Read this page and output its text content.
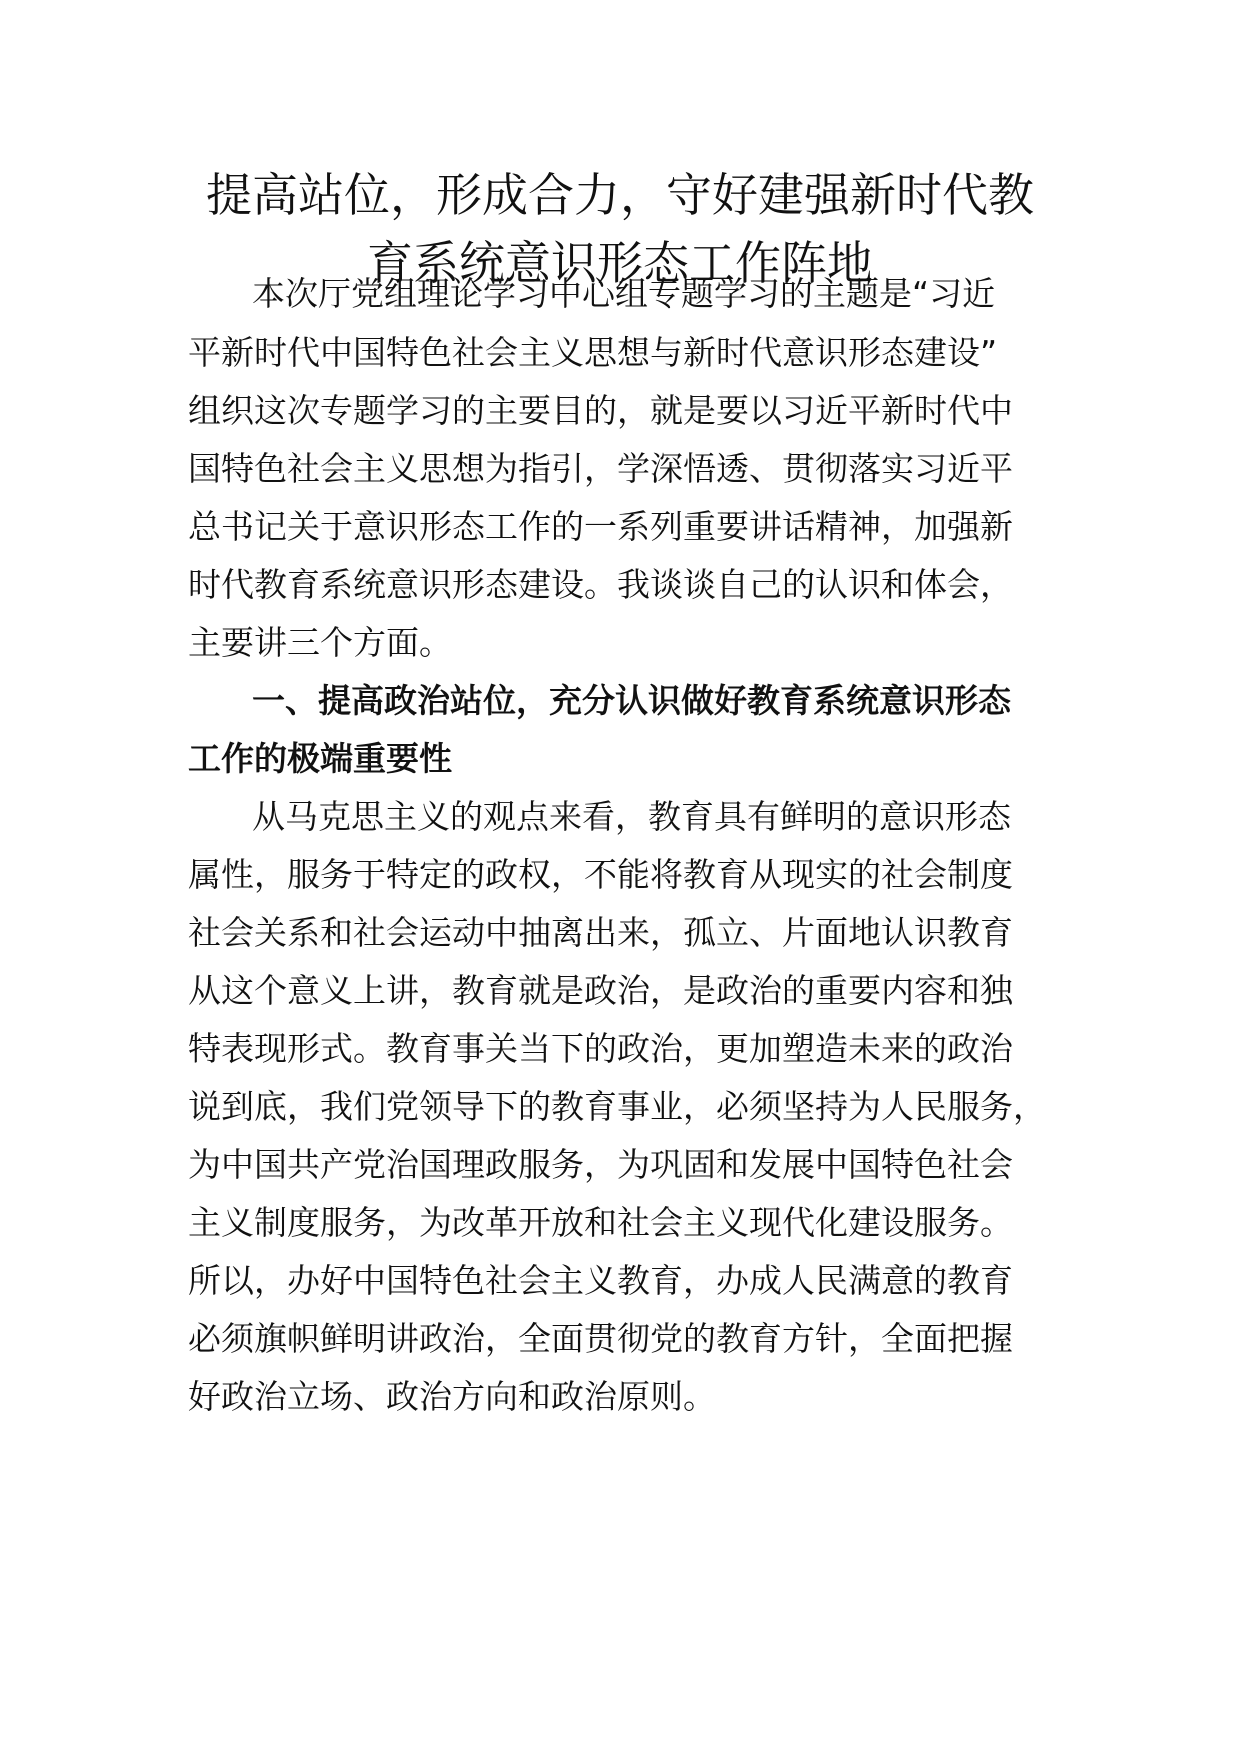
提高站位，形成合力，守好建强新时代教
育系统意识形态工作阵地

本次厅党组理论学习中心组专题学习的主题是“习近

平新时代中国特色社会主义思想与新时代意识形态建设”

组织这次专题学习的主要目的，就是要以习近平新时代中

国特色社会主义思想为指引，学深悟透、贯彻落实习近平

总书记关于意识形态工作的一系列重要讲话精神，加强新

时代教育系统意识形态建设。我谈谈自己的认识和体会，

主要讲三个方面。

一、提高政治站位，充分认识做好教育系统意识形态

工作的极端重要性

从马克思主义的观点来看，教育具有鲜明的意识形态

属性，服务于特定的政权，不能将教育从现实的社会制度

社会关系和社会运动中抽离出来，孤立、片面地认识教育

从这个意义上讲，教育就是政治，是政治的重要内容和独

特表现形式。教育事关当下的政治，更加塑造未来的政治

说到底，我们党领导下的教育事业，必须坚持为人民服务，

为中国共产党治国理政服务，为巩固和发展中国特色社会

主义制度服务，为改革开放和社会主义现代化建设服务。

所以，办好中国特色社会主义教育，办成人民满意的教育

必须旗帜鲜明讲政治，全面贯彻党的教育方针，全面把握

好政治立场、政治方向和政治原则。
